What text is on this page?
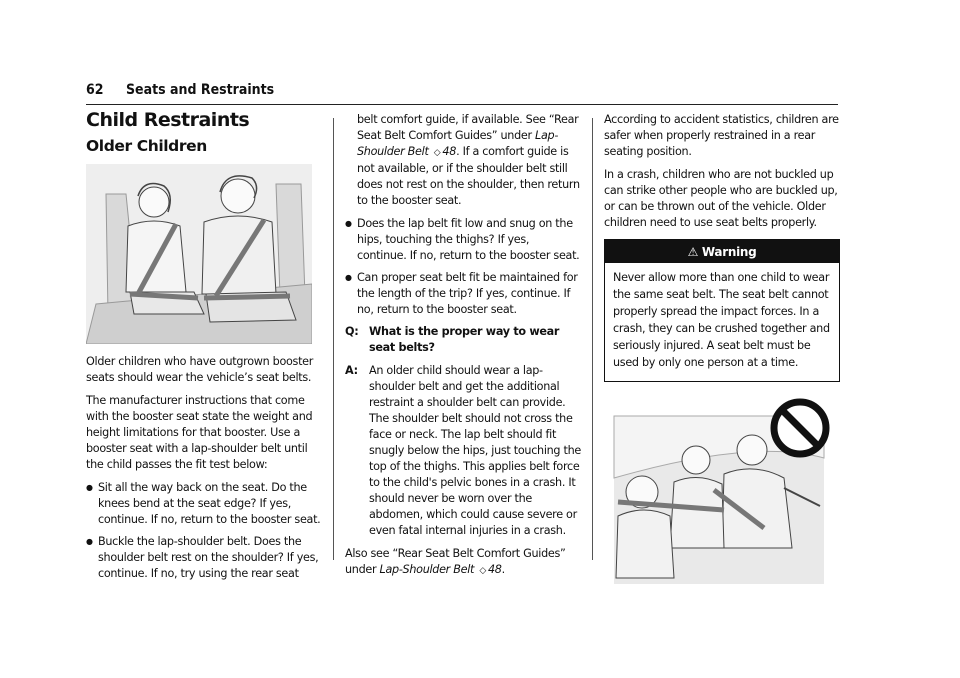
62 Seats and Restraints
Child Restraints
Older Children

Older children who have outgrown booster seats should wear the vehicle’s seat belts.

The manufacturer instructions that come with the booster seat state the weight and height limitations for that booster. Use a booster seat with a lap-shoulder belt until the child passes the fit test below:

● Sit all the way back on the seat. Do the knees bend at the seat edge? If yes, continue. If no, return to the booster seat.
● Buckle the lap-shoulder belt. Does the shoulder belt rest on the shoulder? If yes, continue. If no, try using the rear seat

belt comfort guide, if available. See “Rear Seat Belt Comfort Guides” under Lap-Shoulder Belt ◇ 48. If a comfort guide is not available, or if the shoulder belt still does not rest on the shoulder, then return to the booster seat.

● Does the lap belt fit low and snug on the hips, touching the thighs? If yes, continue. If no, return to the booster seat.
● Can proper seat belt fit be maintained for the length of the trip? If yes, continue. If no, return to the booster seat.
Q: What is the proper way to wear seat belts?
A: An older child should wear a lap-shoulder belt and get the additional restraint a shoulder belt can provide. The shoulder belt should not cross the face or neck. The lap belt should fit snugly below the hips, just touching the top of the thighs. This applies belt force to the child's pelvic bones in a crash. It should never be worn over the abdomen, which could cause severe or even fatal internal injuries in a crash.

Also see “Rear Seat Belt Comfort Guides” under Lap-Shoulder Belt ◇ 48.

According to accident statistics, children are safer when properly restrained in a rear seating position.

In a crash, children who are not buckled up can strike other people who are buckled up, or can be thrown out of the vehicle. Older children need to use seat belts properly.

⚠ Warning
Never allow more than one child to wear the same seat belt. The seat belt cannot properly spread the impact forces. In a crash, they can be crushed together and seriously injured. A seat belt must be used by only one person at a time.
